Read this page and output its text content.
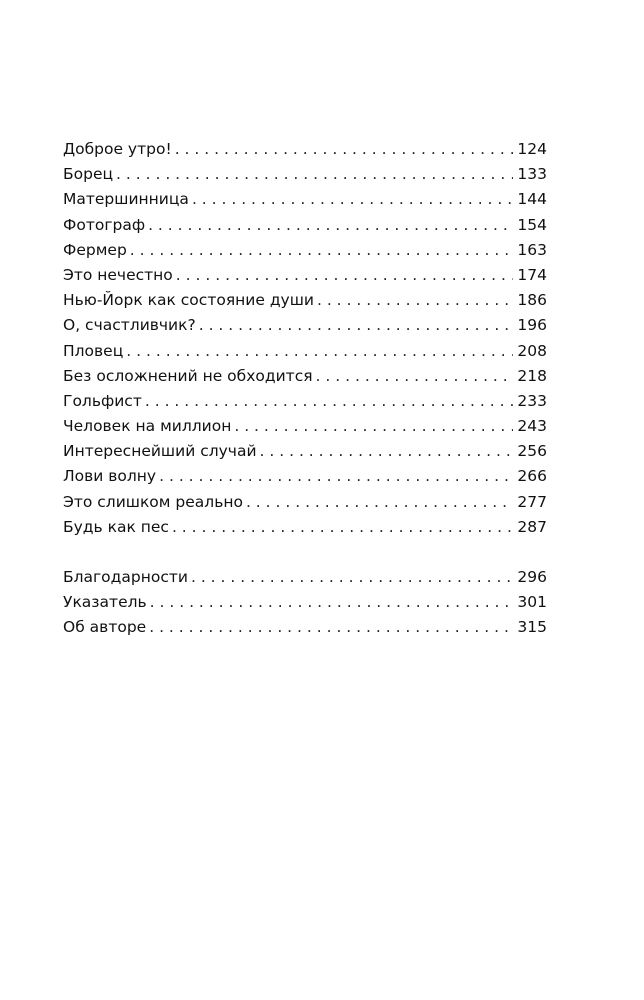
Доброе утро! . . .	124
Борец . . .	133
Матершинница . . .	144
Фотограф . . .	154
Фермер . . .	163
Это нечестно . . .	174
Нью-Йорк как состояние души . . .	186
О, счастливчик? . . .	196
Пловец . . .	208
Без осложнений не обходится . . .	218
Гольфист . . .	233
Человек на миллион . . .	243
Интереснейший случай . . .	256
Лови волну . . .	266
Это слишком реально . . .	277
Будь как пес . . .	287
Благодарности . . .	296
Указатель . . .	301
Об авторе . . .	315
